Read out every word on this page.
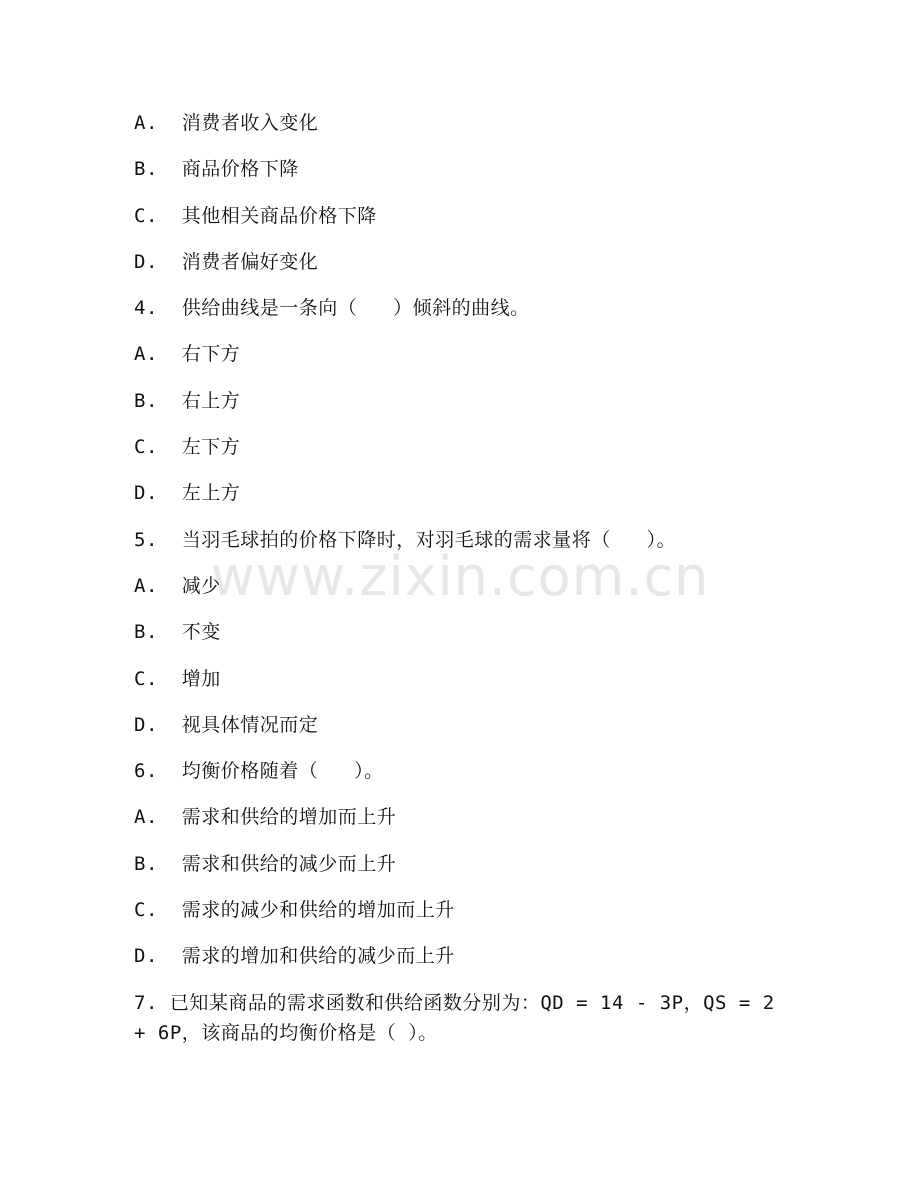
A.  消费者收入变化
B.  商品价格下降
C.  其他相关商品价格下降
D.  消费者偏好变化
4.  供给曲线是一条向（   ）倾斜的曲线。
A.  右下方
B.  右上方
C.  左下方
D.  左上方
5.  当羽毛球拍的价格下降时，对羽毛球的需求量将（   ）。
A.  减少
B.  不变
C.  增加
D.  视具体情况而定
6.  均衡价格随着（   ）。
A.  需求和供给的增加而上升
B.  需求和供给的减少而上升
C.  需求的减少和供给的增加而上升
D.  需求的增加和供给的减少而上升
7. 已知某商品的需求函数和供给函数分别为：QD = 14 - 3P，QS = 2 + 6P，该商品的均衡价格是（ ）。
www.zixin.com.cn
